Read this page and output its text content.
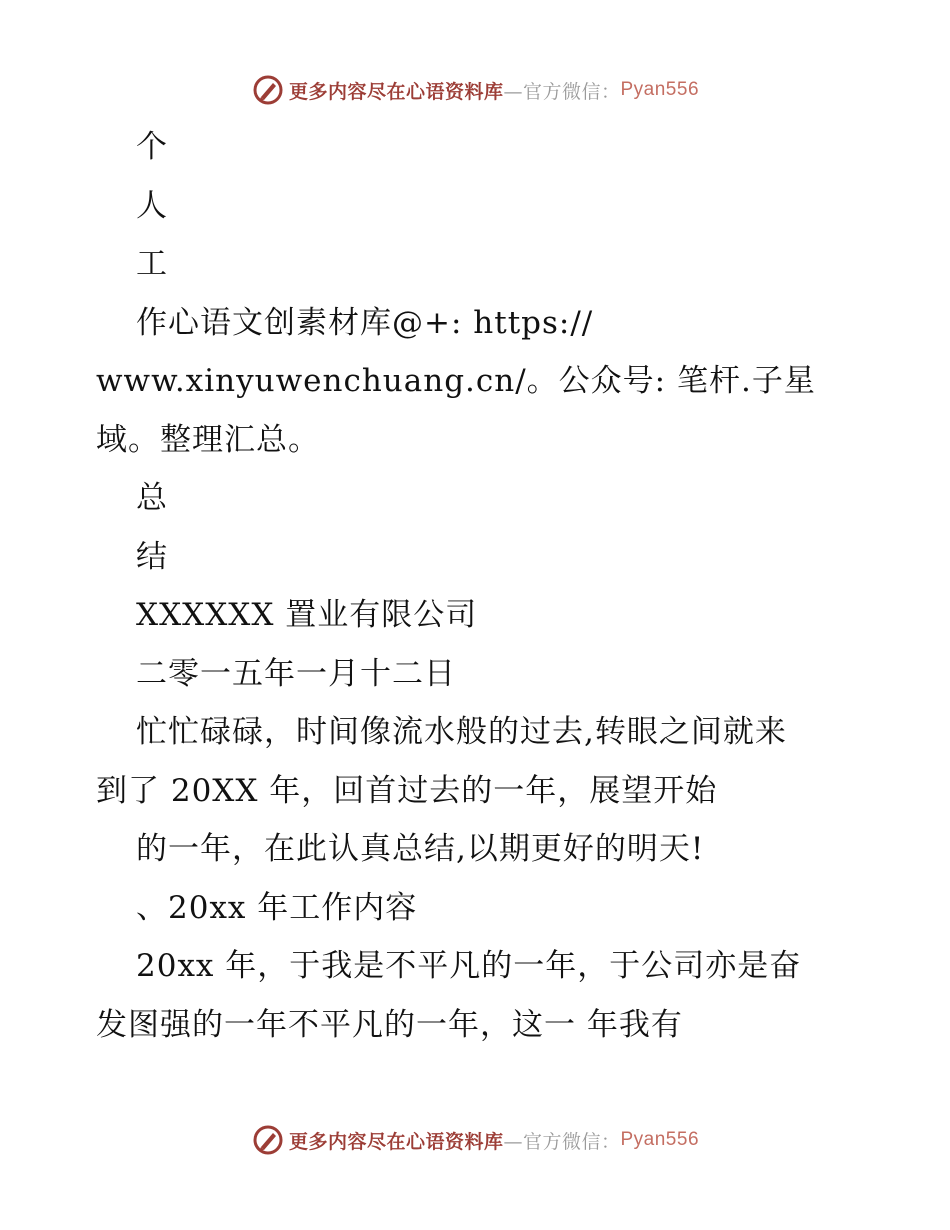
更多内容尽在心语资料库 —官方微信： Pyan556
个
人
工
作心语文创素材库@+: https://
www.xinyuwenchuang.cn/。公众号: 笔杆.子星
域。整理汇总。
总
结
XXXXXX 置业有限公司
二零一五年一月十二日
忙忙碌碌，时间像流水般的过去,转眼之间就来
到了 20XX 年，回首过去的一年，展望开始
的一年，在此认真总结,以期更好的明天!
、20xx 年工作内容
20xx 年，于我是不平凡的一年，于公司亦是奋
发图强的一年不平凡的一年，这一 年我有
更多内容尽在心语资料库 —官方微信： Pyan556
